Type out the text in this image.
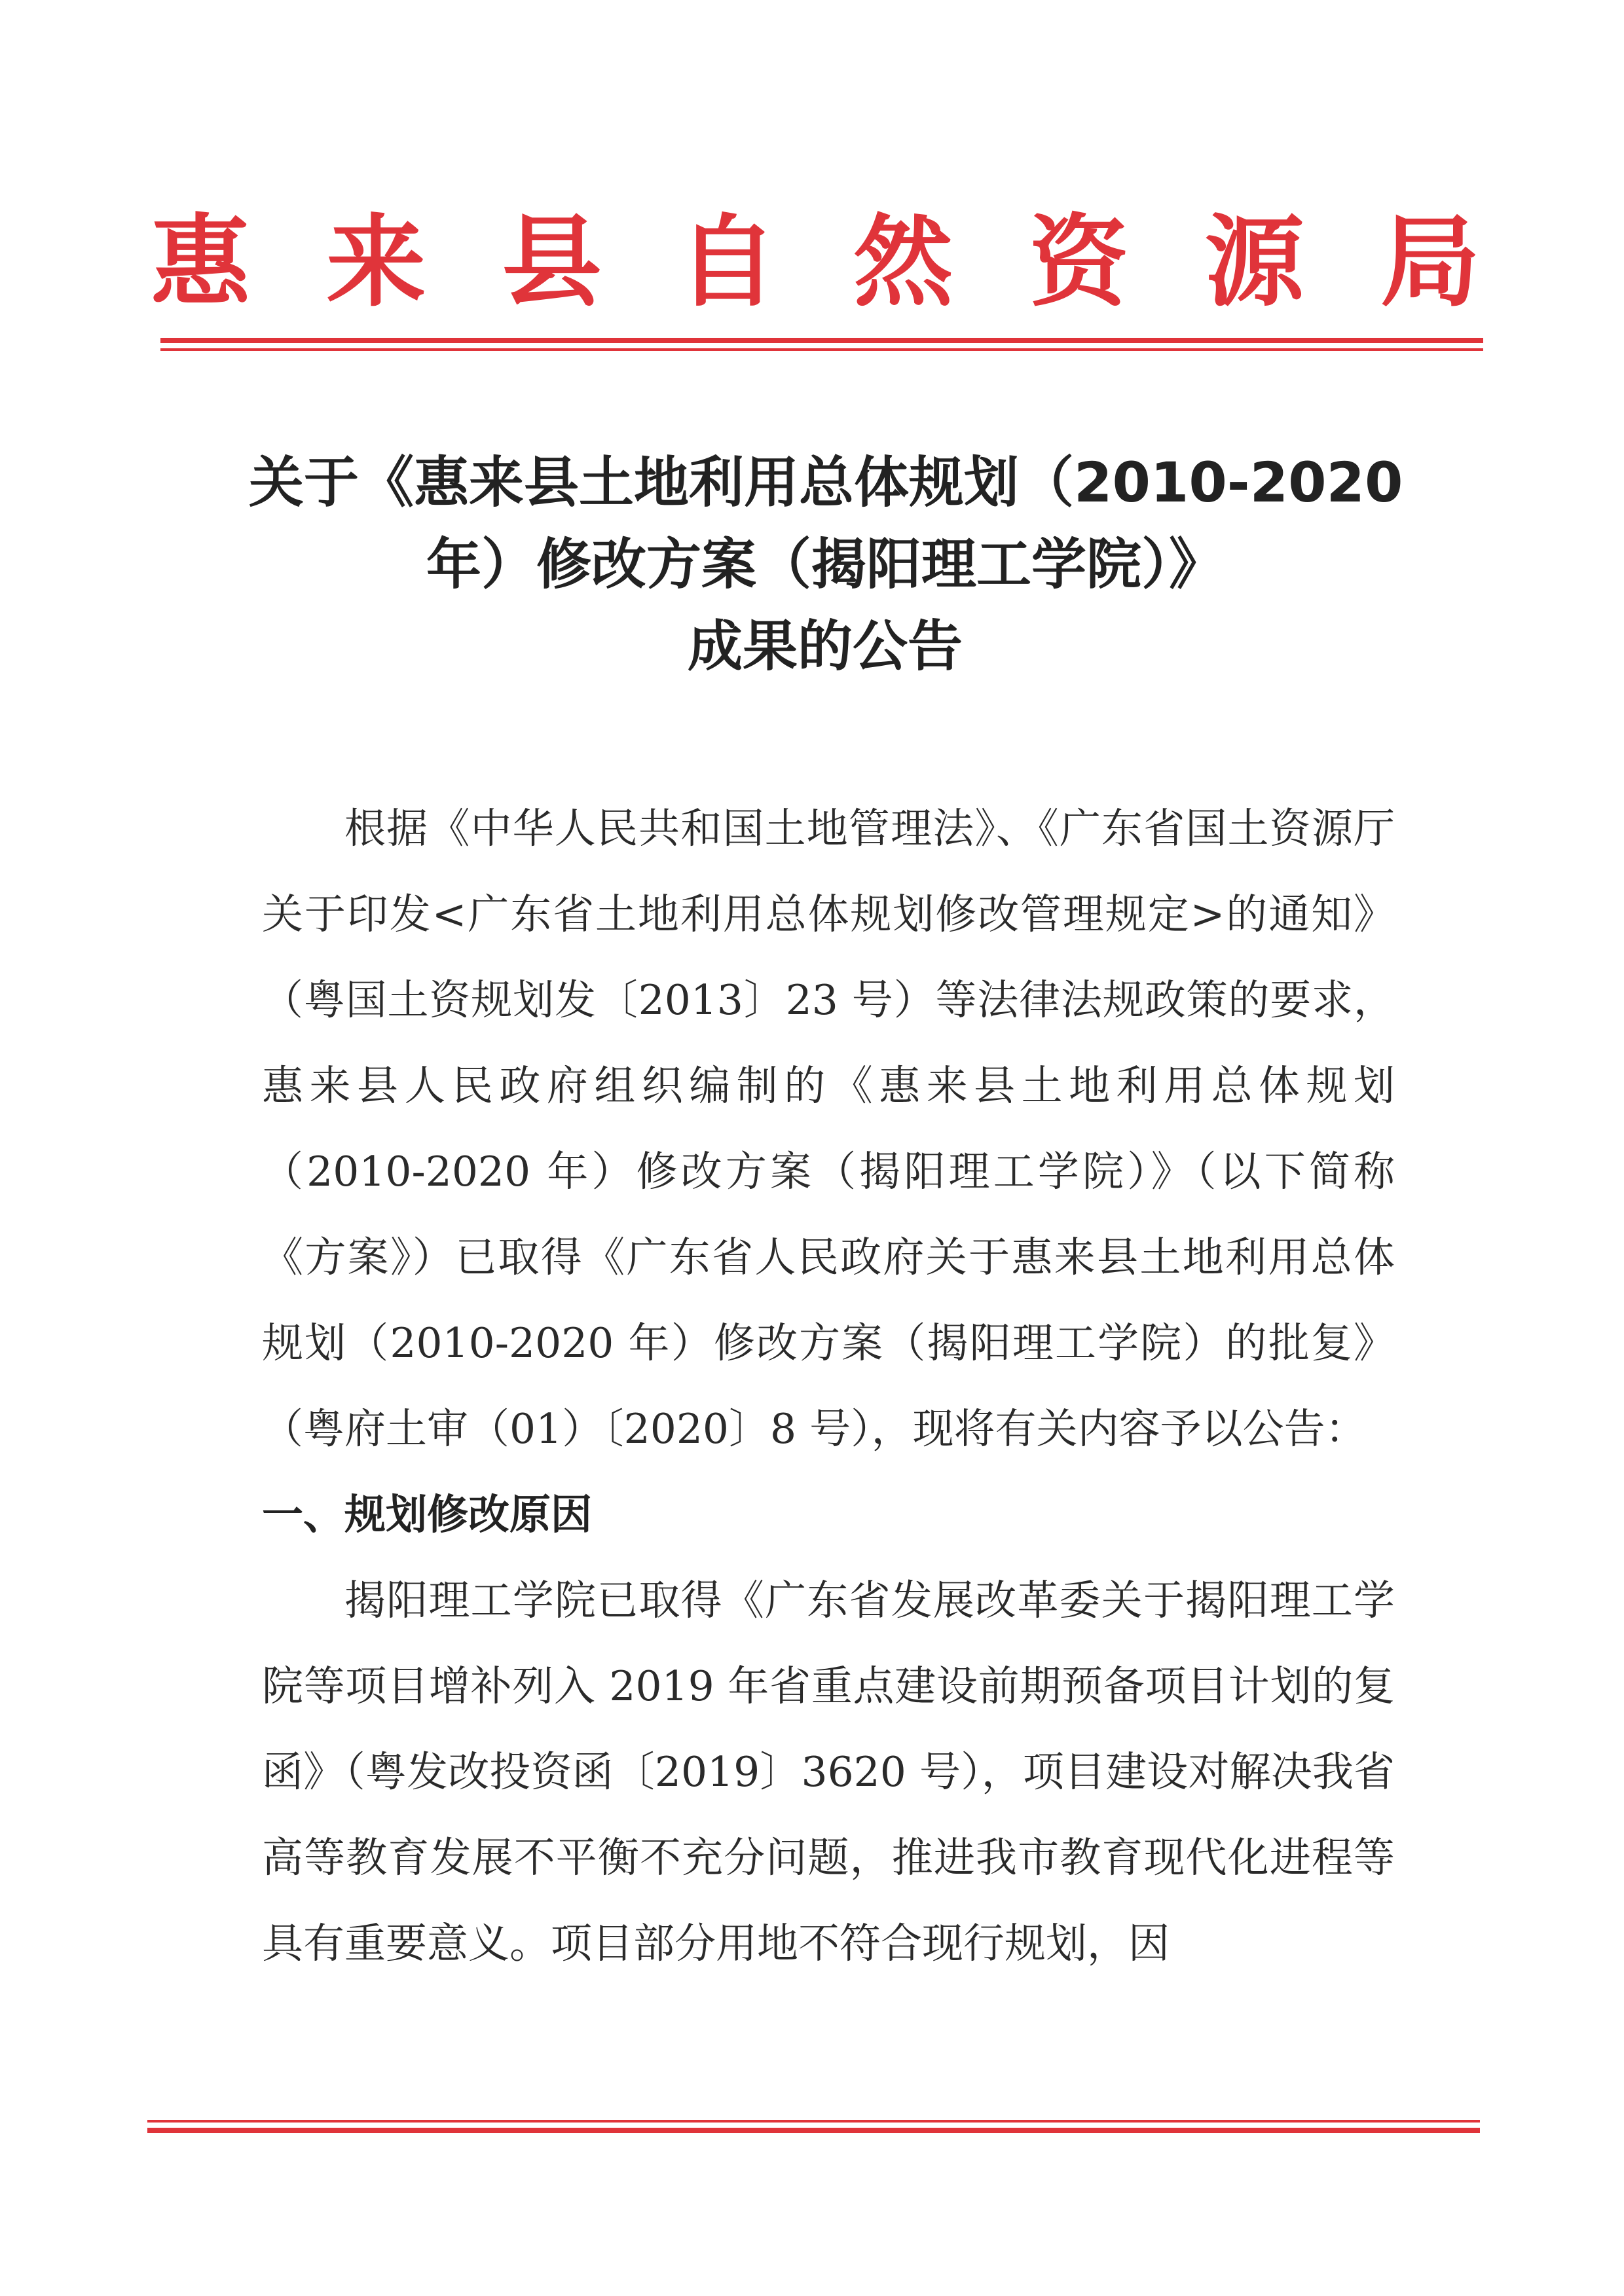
惠 来 县 自 然 资 源 局
关于《惠来县土地利用总体规划（2010-2020
年）修改方案（揭阳理工学院）》
成果的公告

根据《中华人民共和国土地管理法》、《广东省国土资源厅关于印发<广东省土地利用总体规划修改管理规定>的通知》（粤国土资规划发〔2013〕23 号）等法律法规政策的要求，惠来县人民政府组织编制的《惠来县土地利用总体规划（2010-2020 年）修改方案（揭阳理工学院）》（以下简称《方案》）已取得《广东省人民政府关于惠来县土地利用总体规划（2010-2020 年）修改方案（揭阳理工学院）的批复》（粤府土审（01）〔2020〕8 号），现将有关内容予以公告：

一、规划修改原因

揭阳理工学院已取得《广东省发展改革委关于揭阳理工学院等项目增补列入 2019 年省重点建设前期预备项目计划的复函》（粤发改投资函〔2019〕3620 号），项目建设对解决我省高等教育发展不平衡不充分问题，推进我市教育现代化进程等具有重要意义。项目部分用地不符合现行规划，因
